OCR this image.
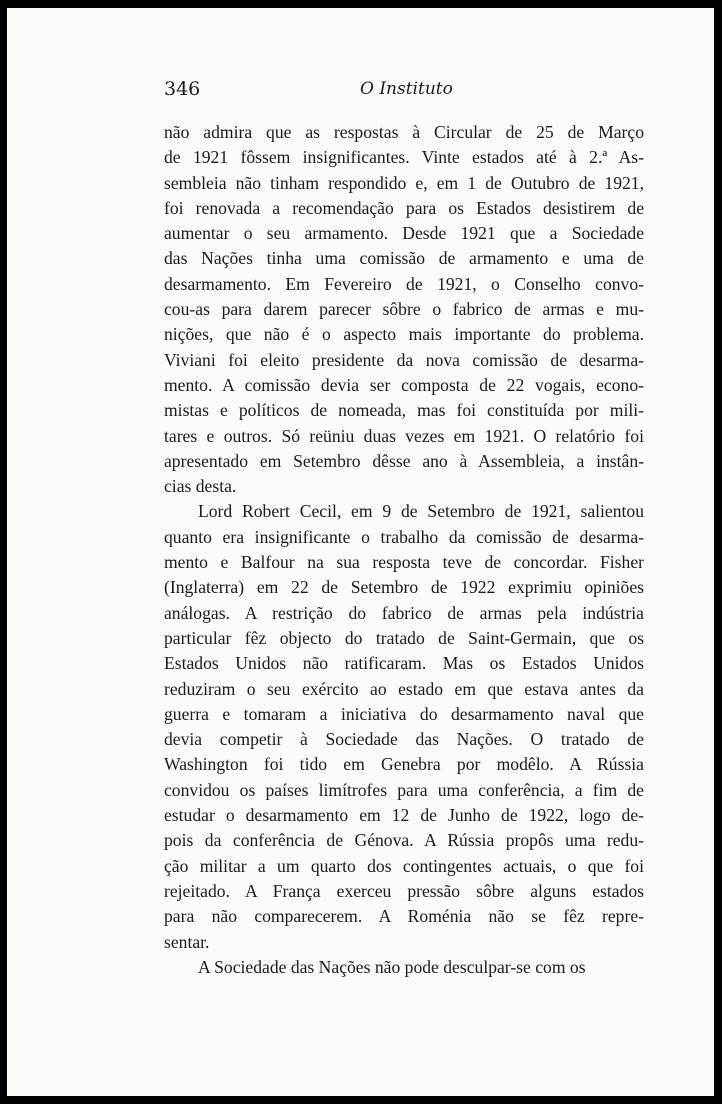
346	O Instituto
não admira que as respostas à Circular de 25 de Março
de 1921 fôssem insignificantes. Vinte estados até à 2.ª As-
sembleia não tinham respondido e, em 1 de Outubro de 1921,
foi renovada a recomendação para os Estados desistirem de
aumentar o seu armamento. Desde 1921 que a Sociedade
das Nações tinha uma comissão de armamento e uma de
desarmamento. Em Fevereiro de 1921, o Conselho convo-
cou-as para darem parecer sôbre o fabrico de armas e mu-
nições, que não é o aspecto mais importante do problema.
Viviani foi eleito presidente da nova comissão de desarma-
mento. A comissão devia ser composta de 22 vogais, econo-
mistas e políticos de nomeada, mas foi constituída por mili-
tares e outros. Só reüniu duas vezes em 1921. O relatório foi
apresentado em Setembro dêsse ano à Assembleia, a instân-
cias desta.
Lord Robert Cecil, em 9 de Setembro de 1921, salientou
quanto era insignificante o trabalho da comissão de desarma-
mento e Balfour na sua resposta teve de concordar. Fisher
(Inglaterra) em 22 de Setembro de 1922 exprimiu opiniões
análogas. A restrição do fabrico de armas pela indústria
particular fêz objecto do tratado de Saint-Germain, que os
Estados Unidos não ratificaram. Mas os Estados Unidos
reduziram o seu exército ao estado em que estava antes da
guerra e tomaram a iniciativa do desarmamento naval que
devia competir à Sociedade das Nações. O tratado de
Washington foi tido em Genebra por modêlo. A Rússia
convidou os países limítrofes para uma conferência, a fim de
estudar o desarmamento em 12 de Junho de 1922, logo de-
pois da conferência de Génova. A Rússia propôs uma redu-
ção militar a um quarto dos contingentes actuais, o que foi
rejeitado. A França exerceu pressão sôbre alguns estados
para não comparecerem. A Roménia não se fêz repre-
sentar.
A Sociedade das Nações não pode desculpar-se com os
